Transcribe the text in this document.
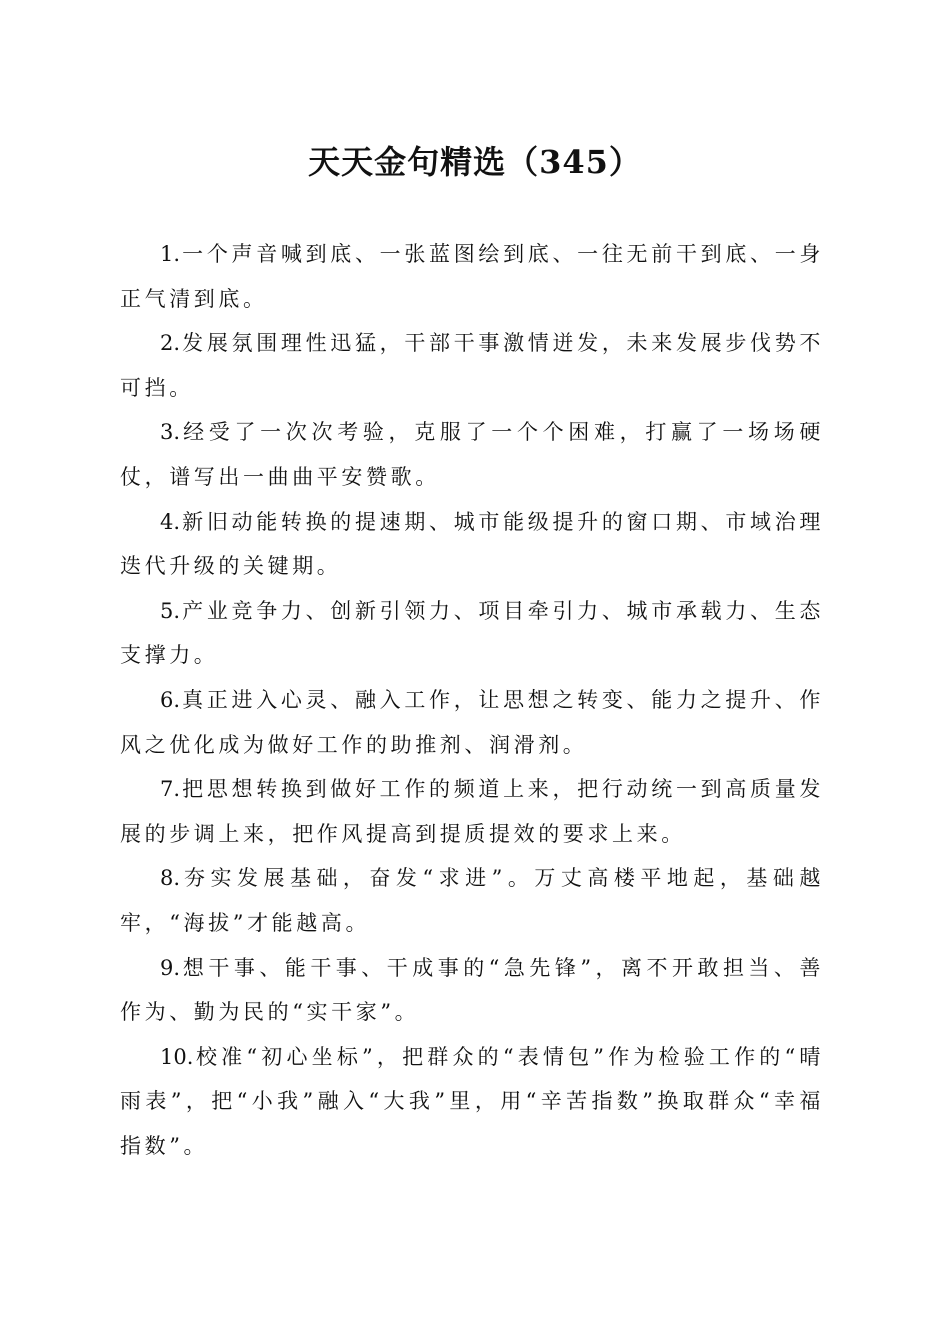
天天金句精选（345）

1.一个声音喊到底、一张蓝图绘到底、一往无前干到底、一身正气清到底。

2.发展氛围理性迅猛，干部干事激情迸发，未来发展步伐势不可挡。

3.经受了一次次考验，克服了一个个困难，打赢了一场场硬仗，谱写出一曲曲平安赞歌。

4.新旧动能转换的提速期、城市能级提升的窗口期、市域治理迭代升级的关键期。

5.产业竞争力、创新引领力、项目牵引力、城市承载力、生态支撑力。

6.真正进入心灵、融入工作，让思想之转变、能力之提升、作风之优化成为做好工作的助推剂、润滑剂。

7.把思想转换到做好工作的频道上来，把行动统一到高质量发展的步调上来，把作风提高到提质提效的要求上来。

8.夯实发展基础，奋发“求进”。万丈高楼平地起，基础越牢，“海拔”才能越高。

9.想干事、能干事、干成事的“急先锋”，离不开敢担当、善作为、勤为民的“实干家”。

10.校准“初心坐标”，把群众的“表情包”作为检验工作的“晴雨表”，把“小我”融入“大我”里，用“辛苦指数”换取群众“幸福指数”。
